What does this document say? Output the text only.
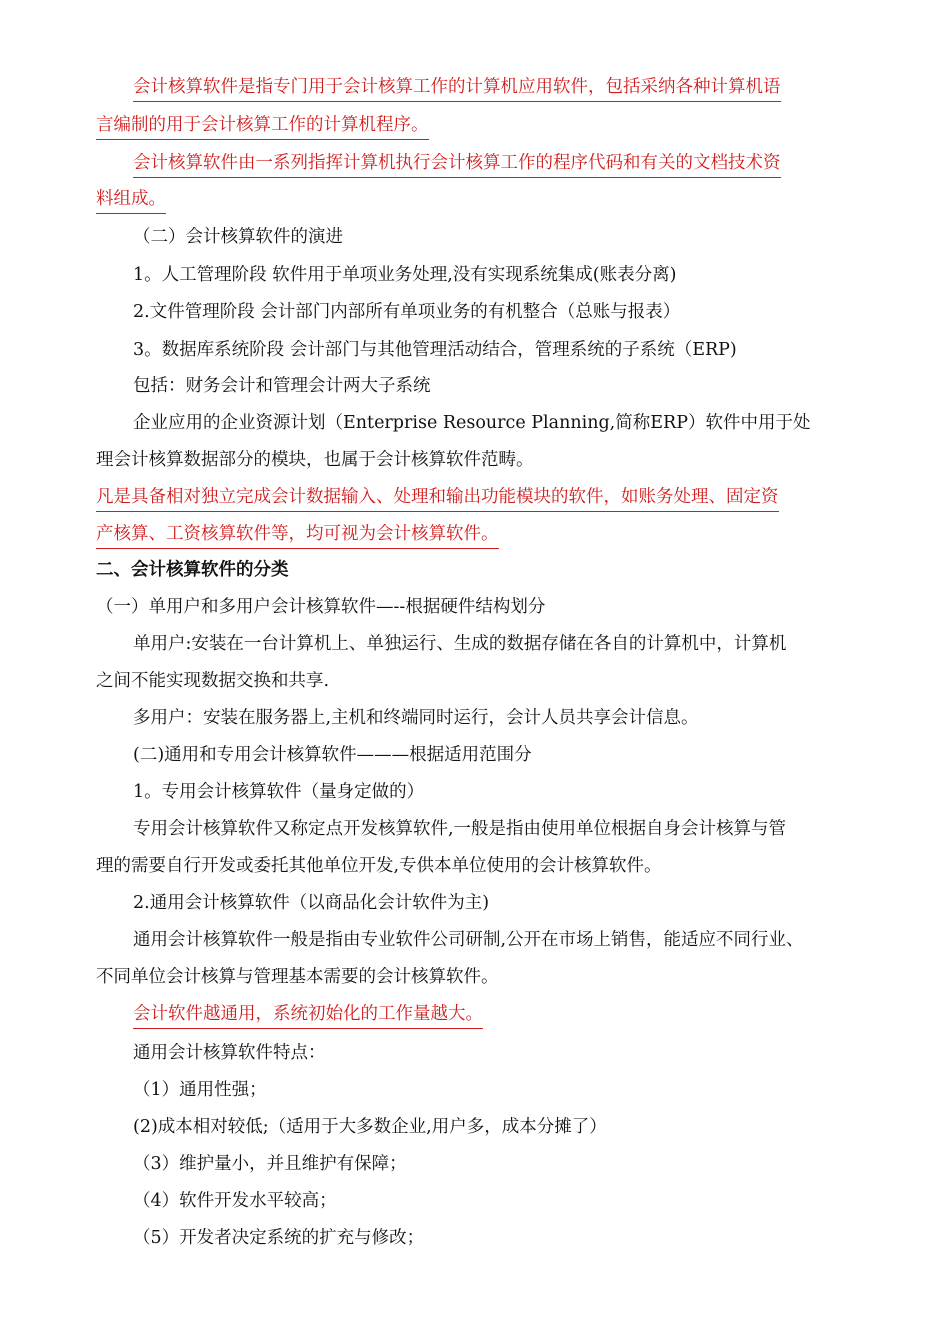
会计核算软件是指专门用于会计核算工作的计算机应用软件，包括采纳各种计算机语
言编制的用于会计核算工作的计算机程序。
会计核算软件由一系列指挥计算机执行会计核算工作的程序代码和有关的文档技术资
料组成。
（二）会计核算软件的演进
1。人工管理阶段 软件用于单项业务处理,没有实现系统集成(账表分离)
2.文件管理阶段 会计部门内部所有单项业务的有机整合（总账与报表）
3。数据库系统阶段 会计部门与其他管理活动结合，管理系统的子系统（ERP)
包括：财务会计和管理会计两大子系统
企业应用的企业资源计划（Enterprise Resource Planning,简称ERP）软件中用于处
理会计核算数据部分的模块，也属于会计核算软件范畴。
凡是具备相对独立完成会计数据输入、处理和输出功能模块的软件，如账务处理、固定资
产核算、工资核算软件等，均可视为会计核算软件。
二、会计核算软件的分类
（一）单用户和多用户会计核算软件—--根据硬件结构划分
单用户:安装在一台计算机上、单独运行、生成的数据存储在各自的计算机中，计算机
之间不能实现数据交换和共享.
多用户：安装在服务器上,主机和终端同时运行，会计人员共享会计信息。
(二)通用和专用会计核算软件———根据适用范围分
1。专用会计核算软件（量身定做的）
专用会计核算软件又称定点开发核算软件,一般是指由使用单位根据自身会计核算与管
理的需要自行开发或委托其他单位开发,专供本单位使用的会计核算软件。
2.通用会计核算软件（以商品化会计软件为主)
通用会计核算软件一般是指由专业软件公司研制,公开在市场上销售，能适应不同行业、
不同单位会计核算与管理基本需要的会计核算软件。
会计软件越通用，系统初始化的工作量越大。
通用会计核算软件特点：
（1）通用性强；
(2)成本相对较低;（适用于大多数企业,用户多，成本分摊了）
（3）维护量小，并且维护有保障；
（4）软件开发水平较高；
（5）开发者决定系统的扩充与修改；
